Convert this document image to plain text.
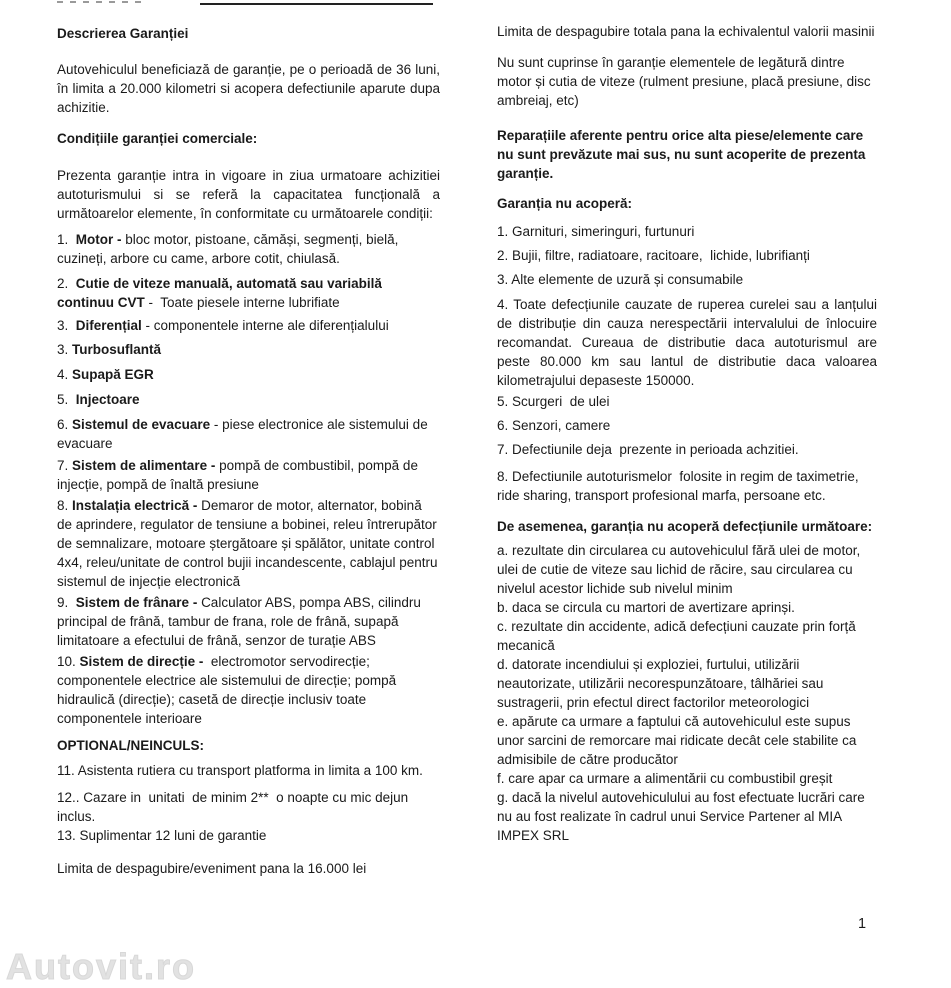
Descrierea Garanției
Autovehiculul beneficiază de garanție, pe o perioadă de 36 luni, în limita a 20.000 kilometri si acopera defectiunile aparute dupa achizitie.
Condițiile garanției comerciale:
Prezenta garanție intra in vigoare in ziua urmatoare achizitiei autoturismului si se referă la capacitatea funcțională a următoarelor elemente, în conformitate cu următoarele condiții:
1.  Motor - bloc motor, pistoane, cămăși, segmenți, bielă, cuzineți, arbore cu came, arbore cotit, chiulasă.
2.  Cutie de viteze manuală, automată sau variabilă continuu CVT -  Toate piesele interne lubrifiate
3.  Diferențial - componentele interne ale diferențialului
3. Turbosuflantă
4. Supapă EGR
5.  Injectoare
6. Sistemul de evacuare - piese electronice ale sistemului de evacuare
7. Sistem de alimentare - pompă de combustibil, pompă de injecție, pompă de înaltă presiune
8. Instalația electrică - Demaror de motor, alternator, bobină de aprindere, regulator de tensiune a bobinei, releu întrerupător de semnalizare, motoare ștergătoare și spălător, unitate control 4x4, releu/unitate de control bujii incandescente, cablajul pentru sistemul de injecție electronică
9.  Sistem de frânare - Calculator ABS, pompa ABS, cilindru principal de frână, tambur de frana, role de frână, supapă limitatoare a efectului de frână, senzor de turație ABS
10. Sistem de direcție -  electromotor servodirecție; componentele electrice ale sistemului de direcție; pompă hidraulică (direcție); casetă de direcție inclusiv toate componentele interioare
OPTIONAL/NEINCULS:
11. Asistenta rutiera cu transport platforma in limita a 100 km.
12.. Cazare in  unitati  de minim 2**  o noapte cu mic dejun inclus.
13. Suplimentar 12 luni de garantie
Limita de despagubire/eveniment pana la 16.000 lei
Limita de despagubire totala pana la echivalentul valorii masinii
Nu sunt cuprinse în garanție elementele de legătură dintre motor și cutia de viteze (rulment presiune, placă presiune, disc ambreiaj, etc)
Reparațiile aferente pentru orice alta piese/elemente care nu sunt prevăzute mai sus, nu sunt acoperite de prezenta garanție.
Garanția nu acoperă:
1. Garnituri, simeringuri, furtunuri
2. Bujii, filtre, radiatoare, racitoare,  lichide, lubrifianți
3. Alte elemente de uzură și consumabile
4. Toate defecțiunile cauzate de ruperea curelei sau a lanțului de distribuție din cauza nerespectării intervalului de înlocuire recomandat. Cureaua de distributie daca autoturismul are peste 80.000 km sau lantul de distributie daca valoarea kilometrajului depaseste 150000.
5. Scurgeri  de ulei
6. Senzori, camere
7. Defectiunile deja  prezente in perioada achzitiei.
8. Defectiunile autoturismelor  folosite in regim de taximetrie, ride sharing, transport profesional marfa, persoane etc.
De asemenea, garanția nu acoperă defecțiunile următoare:
a. rezultate din circularea cu autovehiculul fără ulei de motor, ulei de cutie de viteze sau lichid de răcire, sau circularea cu nivelul acestor lichide sub nivelul minim
b. daca se circula cu martori de avertizare aprinși.
c. rezultate din accidente, adică defecțiuni cauzate prin forță mecanică
d. datorate incendiului și exploziei, furtului, utilizării neautorizate, utilizării necorespunzătoare, tâlhăriei sau sustragerii, prin efectul direct factorilor meteorologici
e. apărute ca urmare a faptului că autovehiculul este supus unor sarcini de remorcare mai ridicate decât cele stabilite ca admisibile de către producător
f. care apar ca urmare a alimentării cu combustibil greșit
g. dacă la nivelul autovehiculului au fost efectuate lucrări care  nu au fost realizate în cadrul unui Service Partener al MIA IMPEX SRL
Autovit.ro
1
